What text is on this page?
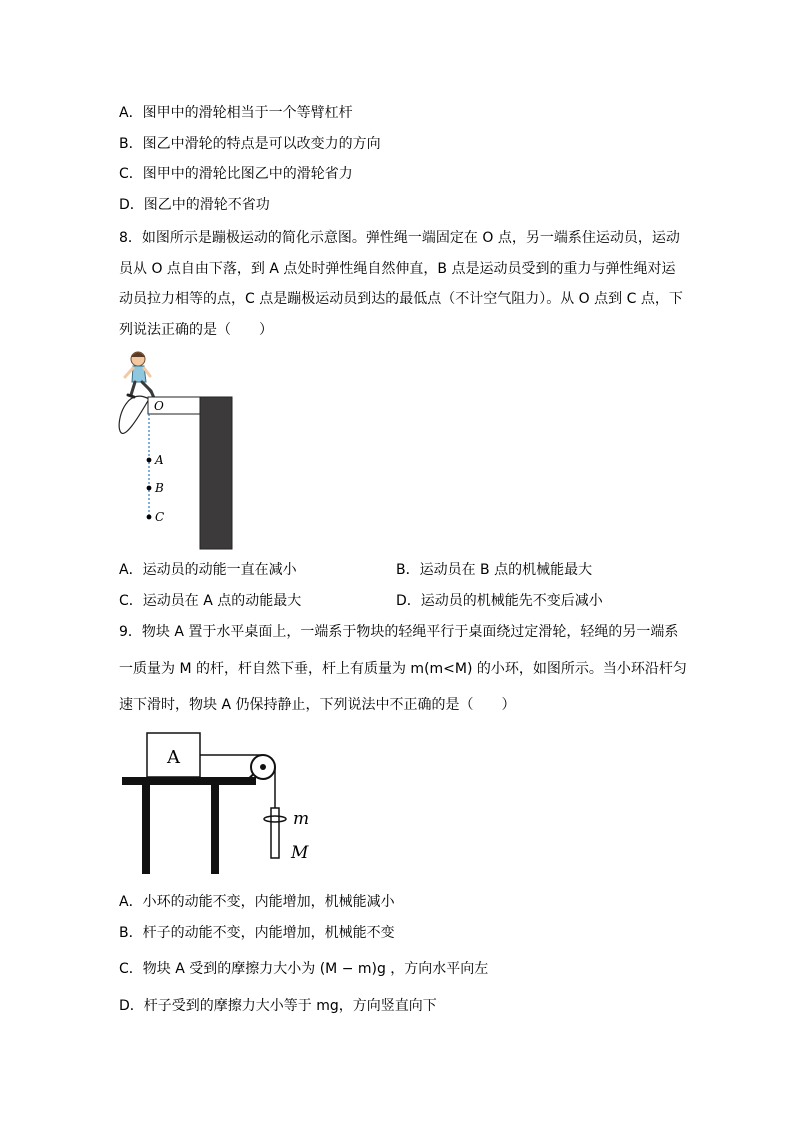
A．图甲中的滑轮相当于一个等臂杠杆
B．图乙中滑轮的特点是可以改变力的方向
C．图甲中的滑轮比图乙中的滑轮省力
D．图乙中的滑轮不省功
8．如图所示是蹦极运动的简化示意图。弹性绳一端固定在 O 点，另一端系住运动员，运动
员从 O 点自由下落，到 A 点处时弹性绳自然伸直，B 点是运动员受到的重力与弹性绳对运
动员拉力相等的点，C 点是蹦极运动员到达的最低点（不计空气阻力）。从 O 点到 C 点，下
列说法正确的是（　　）
O
A
B
C
A．运动员的动能一直在减小	B．运动员在 B 点的机械能最大
C．运动员在 A 点的动能最大	D．运动员的机械能先不变后减小
9．物块 A 置于水平桌面上，一端系于物块的轻绳平行于桌面绕过定滑轮，轻绳的另一端系
一质量为 M 的杆，杆自然下垂，杆上有质量为 m(m<M) 的小环，如图所示。当小环沿杆匀
速下滑时，物块 A 仍保持静止，下列说法中不正确的是（　　）
A
m
M
A．小环的动能不变，内能增加，机械能减小
B．杆子的动能不变，内能增加，机械能不变
C．物块 A 受到的摩擦力大小为 (M − m)g ，方向水平向左
D．杆子受到的摩擦力大小等于 mg，方向竖直向下
